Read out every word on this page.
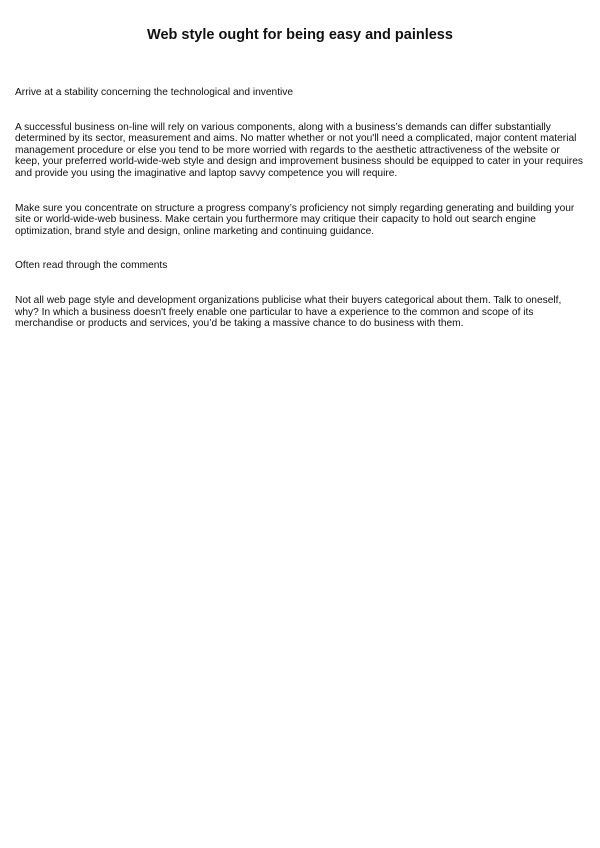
Web style ought for being easy and painless

Arrive at a stability concerning the technological and inventive

A successful business on-line will rely on various components, along with a business’s demands can differ substantially determined by its sector, measurement and aims. No matter whether or not you'll need a complicated, major content material management procedure or else you tend to be more worried with regards to the aesthetic attractiveness of the website or keep, your preferred world-wide-web style and design and improvement business should be equipped to cater in your requires and provide you using the imaginative and laptop savvy competence you will require.

Make sure you concentrate on structure a progress company’s proficiency not simply regarding generating and building your site or world-wide-web business. Make certain you furthermore may critique their capacity to hold out search engine optimization, brand style and design, online marketing and continuing guidance.

Often read through the comments

Not all web page style and development organizations publicise what their buyers categorical about them. Talk to oneself, why? In which a business doesn't freely enable one particular to have a experience to the common and scope of its merchandise or products and services, you’d be taking a massive chance to do business with them.
